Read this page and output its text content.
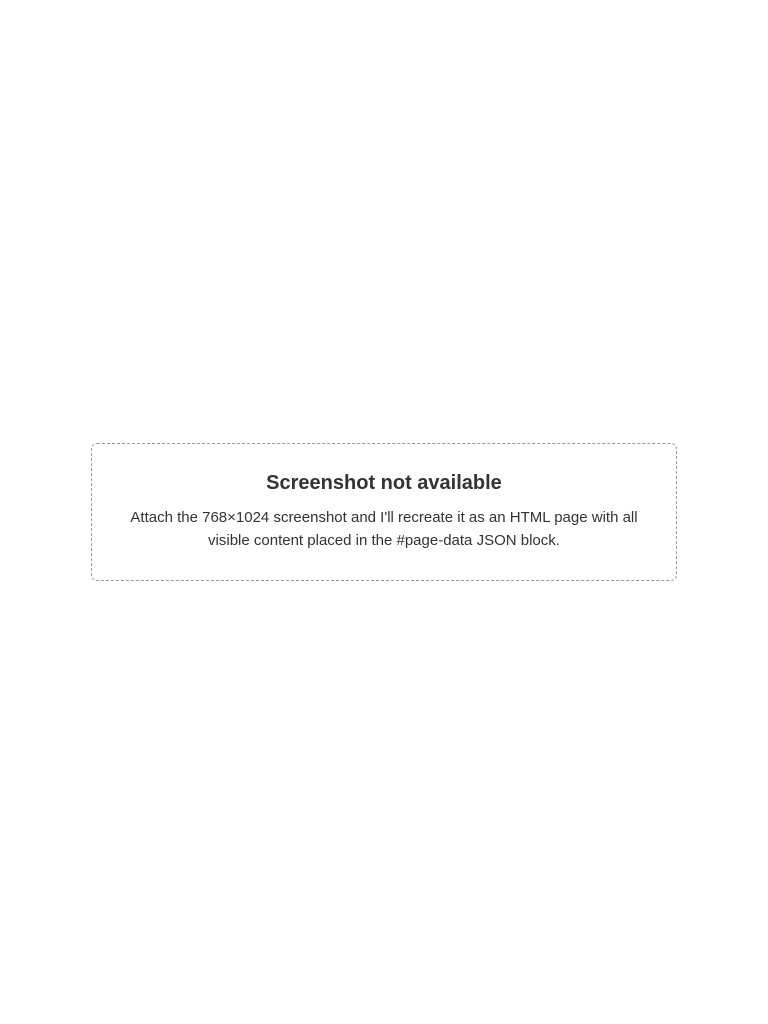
Screenshot not available

Attach the 768×1024 screenshot and I'll recreate it as an HTML page with all visible content placed in the #page-data JSON block.
